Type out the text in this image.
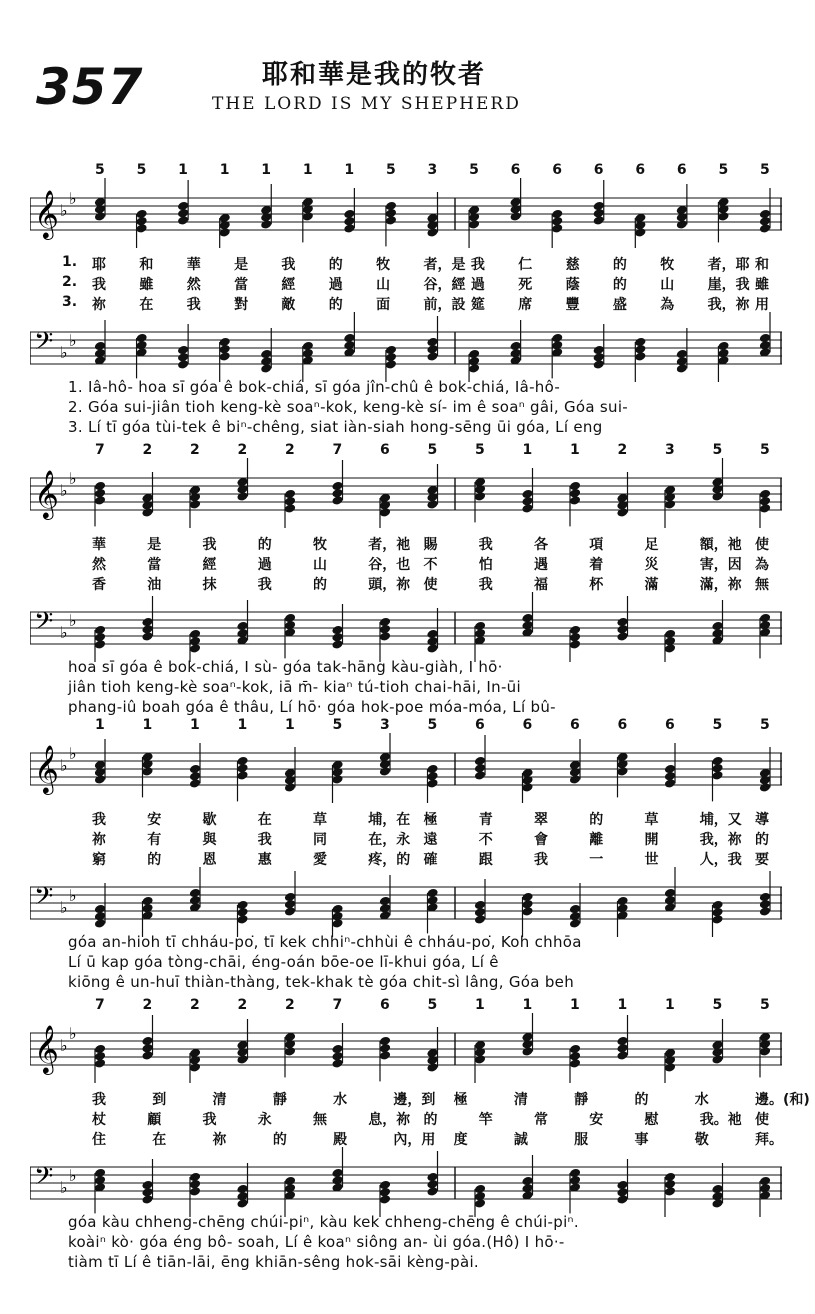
357	耶和華是我的牧者
THE LORD IS MY SHEPHERD
5 5 1 1 1 1 1 5 3 5 6 6 6 6 6 5 5
𝄞 ♭
♭
1. 耶 和 華 是 我 的 牧 者，是 我 仁 慈 的 牧 者，耶 和
2. 我 雖 然 當 經 過 山 谷，經 過 死 蔭 的 山 崖，我 雖
3. 祢 在 我 對 敵 的 面 前，設 筵 席 豐 盛 為 我，祢 用
𝄢 ♭
♭
1. Iâ-hô- hoa sī góa ê bok-chiá, sī góa jîn-chû ê bok-chiá, Iâ-hô-
2. Góa sui-jiân tioh keng-kè soaⁿ-kok, keng-kè sí- im ê soaⁿ gâi, Góa sui-
3. Lí tī góa tùi-tek ê biⁿ-chêng, siat iàn-siah hong-sēng ūi góa, Lí eng
7	2	2	2	2	7	6	5	5	1	1	2	3	5	5
𝄞 ♭
♭
華	是	我	的	牧	者，祂 賜	我	各	項	足	額，祂 使
然	當	經	過	山	谷，也 不	怕	遇	着	災	害，因 為
香	油	抹	我	的	頭，祢 使	我	福	杯	滿	滿，祢 無
𝄢 ♭
♭
hoa sī góa ê bok-chiá, I sù- góa tak-hāng kàu-giàh, I hō·
jiân tioh keng-kè soaⁿ-kok, iā m̄- kiaⁿ tú-tioh chai-hāi, In-ūi
phang-iû boah góa ê thâu, Lí hō· góa hok-poe móa-móa, Lí bû-
1	1	1	1	1	5	3	5	6	6	6	6	6	5	5
𝄞 ♭
♭
我	安	歇	在	草	埔，在 極	青	翠	的	草	埔，又 導
祢	有	與	我	同	在，永 遠	不	會	離	開	我，祢 的
窮	的	恩	惠	愛	疼，的 確	跟	我	一	世	人，我 要
𝄢 ♭
♭
góa an-hioh tī chháu-po͘, tī kek chhiⁿ-chhùi ê chháu-po͘, Koh chhōa
Lí ū kap góa tòng-chāi, éng-oán bōe-oe lī-khui góa, Lí ê
kiōng ê un-huī thiàn-thàng, tek-khak tè góa chit-sì lâng, Góa beh
7	2	2	2	2	7	6	5	1	1	1	1	1	5	5
𝄞 ♭
♭
我	到	清	靜	水	邊，到 極	清	靜	的	水	邊。(和)
杖	顧	我	永	無	息，祢 的	竿	常	安	慰	我。祂 使
住	在	祢	的	殿	內，用 度	誠	服	事	敬	拜。
𝄢 ♭
♭
góa kàu chheng-chēng chúi-piⁿ, kàu kek chheng-chēng ê chúi-piⁿ.
koàiⁿ kò· góa éng bô- soah, Lí ê koaⁿ siông an- ùi góa.(Hô) I hō·-
tiàm tī Lí ê tiān-lāi, ēng khiān-sêng hok-sāi kèng-pài.
